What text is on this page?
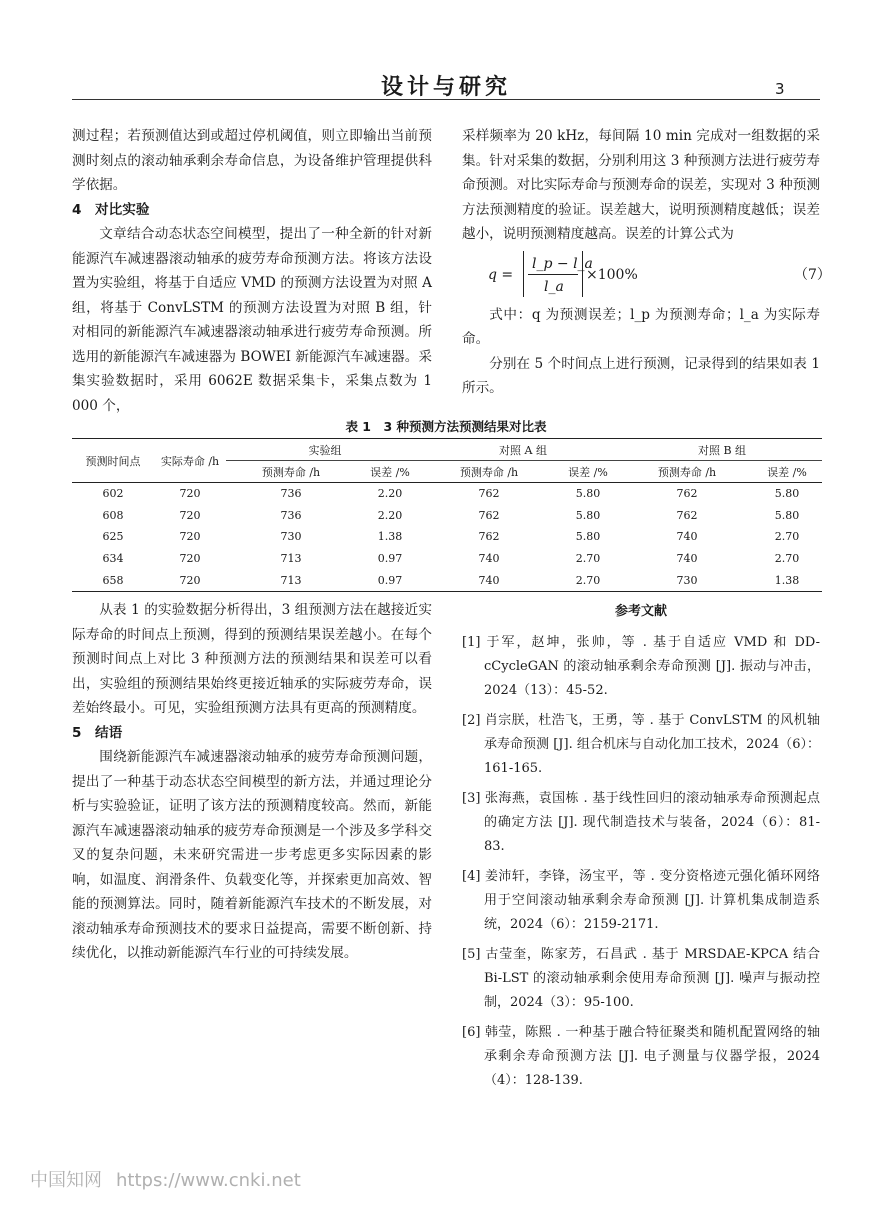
设计与研究	3

测过程；若预测值达到或超过停机阈值，则立即输出当前预测时刻点的滚动轴承剩余寿命信息，为设备维护管理提供科学依据。

4　对比实验

文章结合动态状态空间模型，提出了一种全新的针对新能源汽车减速器滚动轴承的疲劳寿命预测方法。将该方法设置为实验组，将基于自适应 VMD 的预测方法设置为对照 A 组，将基于 ConvLSTM 的预测方法设置为对照 B 组，针对相同的新能源汽车减速器滚动轴承进行疲劳寿命预测。所选用的新能源汽车减速器为 BOWEI 新能源汽车减速器。采集实验数据时，采用 6062E 数据采集卡，采集点数为 1 000 个，

采样频率为 20 kHz，每间隔 10 min 完成对一组数据的采集。针对采集的数据，分别利用这 3 种预测方法进行疲劳寿命预测。对比实际寿命与预测寿命的误差，实现对 3 种预测方法预测精度的验证。误差越大，说明预测精度越低；误差越小，说明预测精度越高。误差的计算公式为

q =
l_p − l_a
l_a
×100%	（7）

式中：q 为预测误差；l_p 为预测寿命；l_a 为实际寿命。

分别在 5 个时间点上进行预测，记录得到的结果如表 1 所示。

表 1　3 种预测方法预测结果对比表
预测时间点	实际寿命 /h	实验组		对照 A 组		对照 B 组	
		预测寿命 /h	误差 /%	预测寿命 /h	误差 /%	预测寿命 /h	误差 /%
602	720	736	2.20	762	5.80	762	5.80
608	720	736	2.20	762	5.80	762	5.80
625	720	730	1.38	762	5.80	740	2.70
634	720	713	0.97	740	2.70	740	2.70
658	720	713	0.97	740	2.70	730	1.38

从表 1 的实验数据分析得出，3 组预测方法在越接近实际寿命的时间点上预测，得到的预测结果误差越小。在每个预测时间点上对比 3 种预测方法的预测结果和误差可以看出，实验组的预测结果始终更接近轴承的实际疲劳寿命，误差始终最小。可见，实验组预测方法具有更高的预测精度。

5　结语

围绕新能源汽车减速器滚动轴承的疲劳寿命预测问题，提出了一种基于动态状态空间模型的新方法，并通过理论分析与实验验证，证明了该方法的预测精度较高。然而，新能源汽车减速器滚动轴承的疲劳寿命预测是一个涉及多学科交叉的复杂问题，未来研究需进一步考虑更多实际因素的影响，如温度、润滑条件、负载变化等，并探索更加高效、智能的预测算法。同时，随着新能源汽车技术的不断发展，对滚动轴承寿命预测技术的要求日益提高，需要不断创新、持续优化，以推动新能源汽车行业的可持续发展。

参考文献
[1] 于军，赵坤，张帅，等 . 基于自适应 VMD 和 DD-cCycleGAN 的滚动轴承剩余寿命预测 [J]. 振动与冲击，2024（13）：45-52.
[2] 肖宗朕，杜浩飞，王勇，等 . 基于 ConvLSTM 的风机轴承寿命预测 [J]. 组合机床与自动化加工技术，2024（6）：161-165.
[3] 张海燕，袁国栋 . 基于线性回归的滚动轴承寿命预测起点的确定方法 [J]. 现代制造技术与装备，2024（6）：81-83.
[4] 姜沛轩，李锋，汤宝平，等 . 变分资格迹元强化循环网络用于空间滚动轴承剩余寿命预测 [J]. 计算机集成制造系统，2024（6）：2159-2171.
[5] 古莹奎，陈家芳，石昌武 . 基于 MRSDAE-KPCA 结合 Bi-LST 的滚动轴承剩余使用寿命预测 [J]. 噪声与振动控制，2024（3）：95-100.
[6] 韩莹，陈熙 . 一种基于融合特征聚类和随机配置网络的轴承剩余寿命预测方法 [J]. 电子测量与仪器学报，2024（4）：128-139.
中国知网 https://www.cnki.net
